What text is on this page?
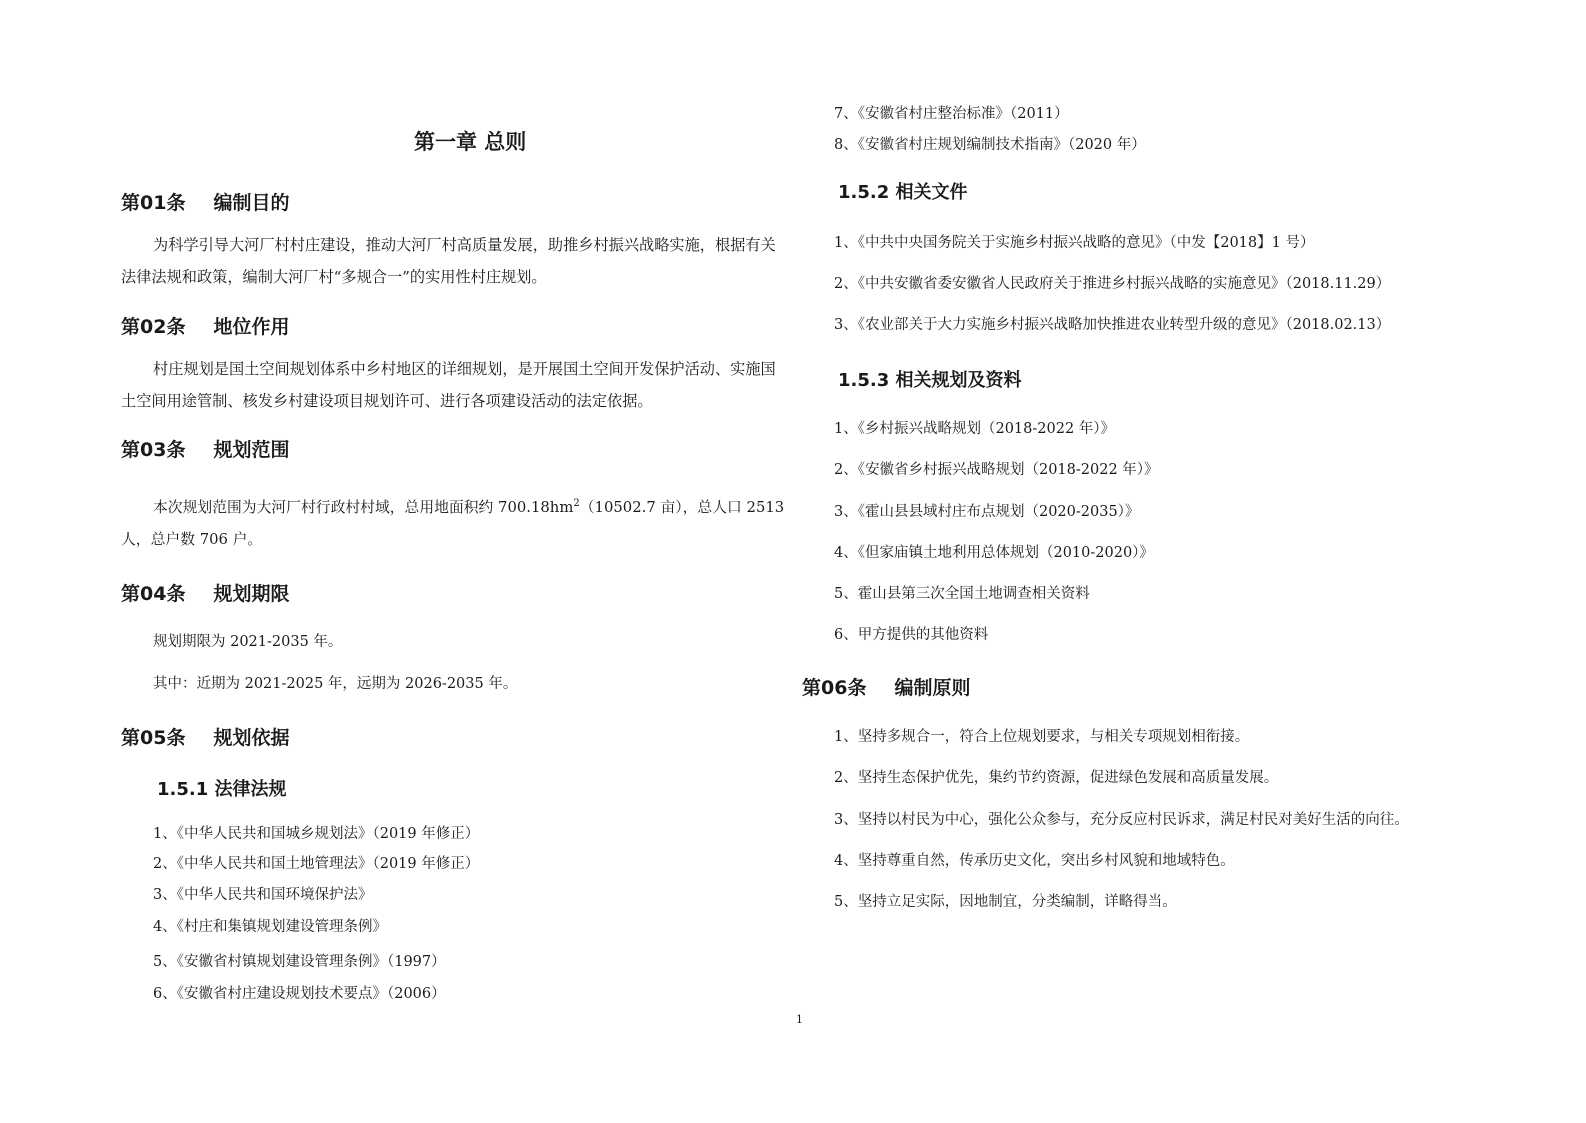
第一章 总则
第01条 编制目的
为科学引导大河厂村村庄建设，推动大河厂村高质量发展，助推乡村振兴战略实施，根据有关法律法规和政策，编制大河厂村“多规合一”的实用性村庄规划。
第02条 地位作用
村庄规划是国土空间规划体系中乡村地区的详细规划，是开展国土空间开发保护活动、实施国土空间用途管制、核发乡村建设项目规划许可、进行各项建设活动的法定依据。
第03条 规划范围
本次规划范围为大河厂村行政村村域，总用地面积约 $700.18hm^2(10502.7$ 亩），总人口 2513
人，总户数 706 户。
第04条 规划期限
规划期限为 2021-2035 年。
其中：近期为 2021-2025 年，远期为 2026-2035 年。
第05条 规划依据
1.5.1 法律法规
1、《中华人民共和国城乡规划法》（2019 年修正）
2、《中华人民共和国土地管理法》（2019 年修正）
3、《中华人民共和国环境保护法》
4、《村庄和集镇规划建设管理条例》
5、《安徽省村镇规划建设管理条例》（1997）
6、《安徽省村庄建设规划技术要点》（2006）
7、《安徽省村庄整治标准》（2011）
8、《安徽省村庄规划编制技术指南》（2020 年）
1.5.2 相关文件
1、《中共中央国务院关于实施乡村振兴战略的意见》（中发【2018】1 号）
2、《中共安徽省委安徽省人民政府关于推进乡村振兴战略的实施意见》（2018.11.29）
3、《农业部关于大力实施乡村振兴战略加快推进农业转型升级的意见》（2018.02.13）
1.5.3 相关规划及资料
1、《乡村振兴战略规划（2018-2022 年）》
2、《安徽省乡村振兴战略规划（2018-2022 年）》
3、《霍山县县域村庄布点规划（2020-2035）》
4、《但家庙镇土地利用总体规划（2010-2020）》
5、霍山县第三次全国土地调查相关资料
6、甲方提供的其他资料
第06条 编制原则
1、坚持多规合一，符合上位规划要求，与相关专项规划相衔接。
2、坚持生态保护优先，集约节约资源，促进绿色发展和高质量发展。
3、坚持以村民为中心，强化公众参与，充分反应村民诉求，满足村民对美好生活的向往。
4、坚持尊重自然，传承历史文化，突出乡村风貌和地域特色。
5、坚持立足实际，因地制宜，分类编制，详略得当。
1
